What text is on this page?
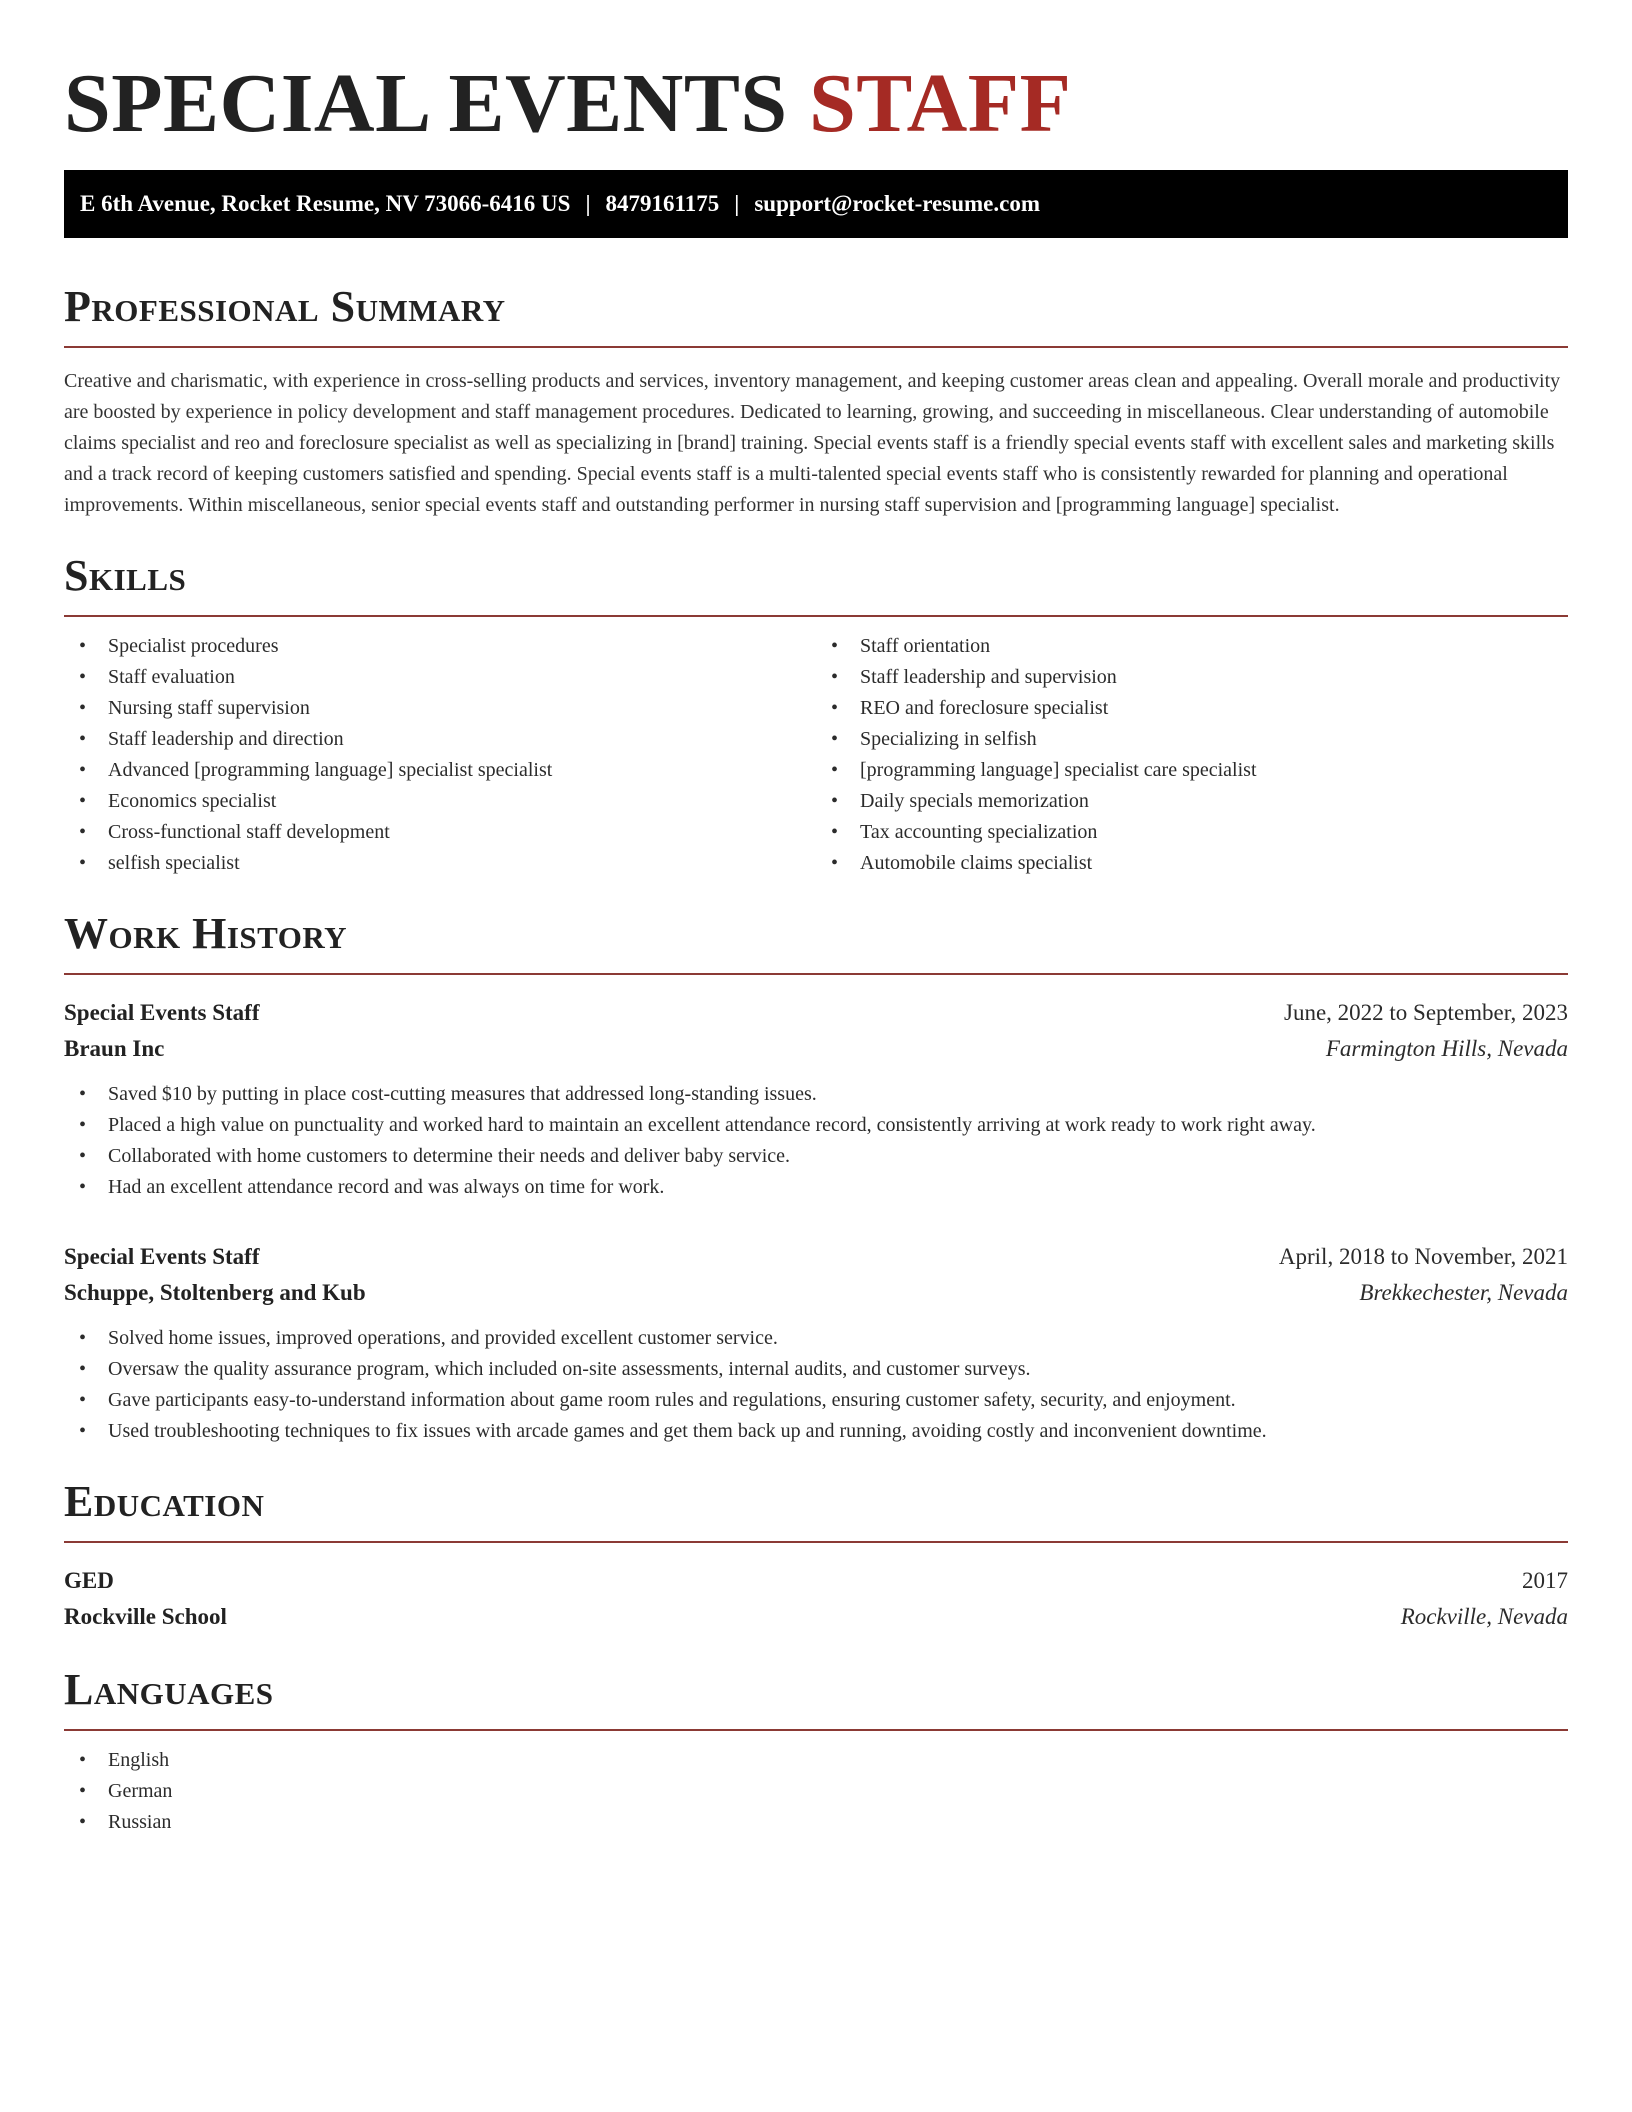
SPECIAL EVENTS STAFF
E 6th Avenue, Rocket Resume, NV 73066-6416 US | 8479161175 | support@rocket-resume.com
Professional Summary

Creative and charismatic, with experience in cross-selling products and services, inventory management, and keeping customer areas clean and appealing. Overall morale and productivity are boosted by experience in policy development and staff management procedures. Dedicated to learning, growing, and succeeding in miscellaneous. Clear understanding of automobile claims specialist and reo and foreclosure specialist as well as specializing in [brand] training. Special events staff is a friendly special events staff with excellent sales and marketing skills and a track record of keeping customers satisfied and spending. Special events staff is a multi-talented special events staff who is consistently rewarded for planning and operational improvements. Within miscellaneous, senior special events staff and outstanding performer in nursing staff supervision and [programming language] specialist.

Skills
• Specialist procedures
• Staff evaluation
• Nursing staff supervision
• Staff leadership and direction
• Advanced [programming language] specialist specialist
• Economics specialist
• Cross-functional staff development
• selfish specialist
• Staff orientation
• Staff leadership and supervision
• REO and foreclosure specialist
• Specializing in selfish
• [programming language] specialist care specialist
• Daily specials memorization
• Tax accounting specialization
• Automobile claims specialist
Work History
Special Events Staff	June, 2022 to September, 2023
Braun Inc	Farmington Hills, Nevada
• Saved $10 by putting in place cost-cutting measures that addressed long-standing issues.
• Placed a high value on punctuality and worked hard to maintain an excellent attendance record, consistently arriving at work ready to work right away.
• Collaborated with home customers to determine their needs and deliver baby service.
• Had an excellent attendance record and was always on time for work.
Special Events Staff	April, 2018 to November, 2021
Schuppe, Stoltenberg and Kub	Brekkechester, Nevada
• Solved home issues, improved operations, and provided excellent customer service.
• Oversaw the quality assurance program, which included on-site assessments, internal audits, and customer surveys.
• Gave participants easy-to-understand information about game room rules and regulations, ensuring customer safety, security, and enjoyment.
• Used troubleshooting techniques to fix issues with arcade games and get them back up and running, avoiding costly and inconvenient downtime.
Education
GED	2017
Rockville School	Rockville, Nevada
Languages
• English
• German
• Russian
